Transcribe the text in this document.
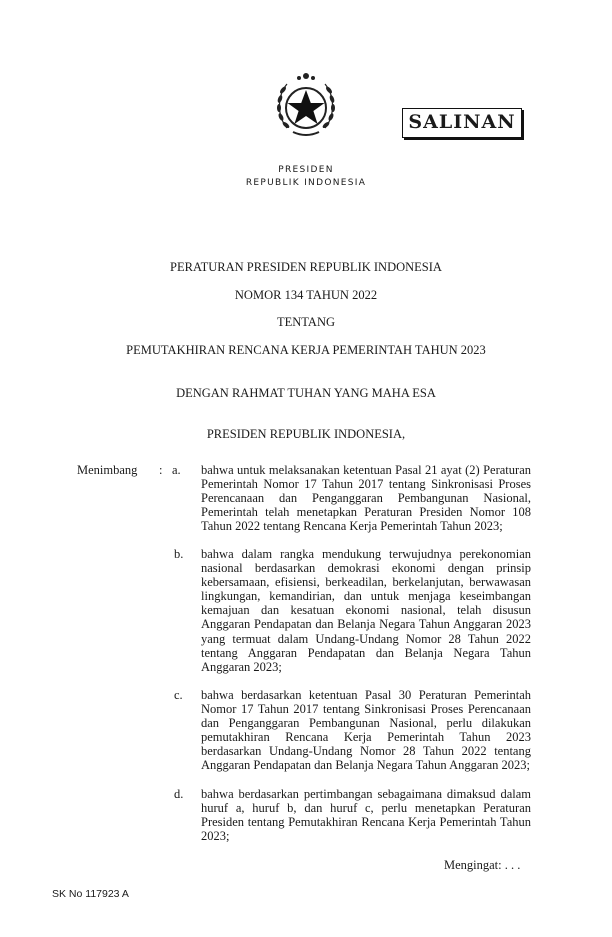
SALINAN
PRESIDEN
REPUBLIK INDONESIA
PERATURAN PRESIDEN REPUBLIK INDONESIA
NOMOR 134 TAHUN 2022
TENTANG
PEMUTAKHIRAN RENCANA KERJA PEMERINTAH TAHUN 2023
DENGAN RAHMAT TUHAN YANG MAHA ESA
PRESIDEN REPUBLIK INDONESIA,
Menimbang : a. bahwa untuk melaksanakan ketentuan Pasal 21 ayat (2) Peraturan Pemerintah Nomor 17 Tahun 2017 tentang Sinkronisasi Proses Perencanaan dan Penganggaran Pembangunan Nasional, Pemerintah telah menetapkan Peraturan Presiden Nomor 108 Tahun 2022 tentang Rencana Kerja Pemerintah Tahun 2023;
b. bahwa dalam rangka mendukung terwujudnya perekonomian nasional berdasarkan demokrasi ekonomi dengan prinsip kebersamaan, efisiensi, berkeadilan, berkelanjutan, berwawasan lingkungan, kemandirian, dan untuk menjaga keseimbangan kemajuan dan kesatuan ekonomi nasional, telah disusun Anggaran Pendapatan dan Belanja Negara Tahun Anggaran 2023 yang termuat dalam Undang-Undang Nomor 28 Tahun 2022 tentang Anggaran Pendapatan dan Belanja Negara Tahun Anggaran 2023;
c. bahwa berdasarkan ketentuan Pasal 30 Peraturan Pemerintah Nomor 17 Tahun 2017 tentang Sinkronisasi Proses Perencanaan dan Penganggaran Pembangunan Nasional, perlu dilakukan pemutakhiran Rencana Kerja Pemerintah Tahun 2023 berdasarkan Undang-Undang Nomor 28 Tahun 2022 tentang Anggaran Pendapatan dan Belanja Negara Tahun Anggaran 2023;
d. bahwa berdasarkan pertimbangan sebagaimana dimaksud dalam huruf a, huruf b, dan huruf c, perlu menetapkan Peraturan Presiden tentang Pemutakhiran Rencana Kerja Pemerintah Tahun 2023;
Mengingat: . . .
SK No 117923 A
